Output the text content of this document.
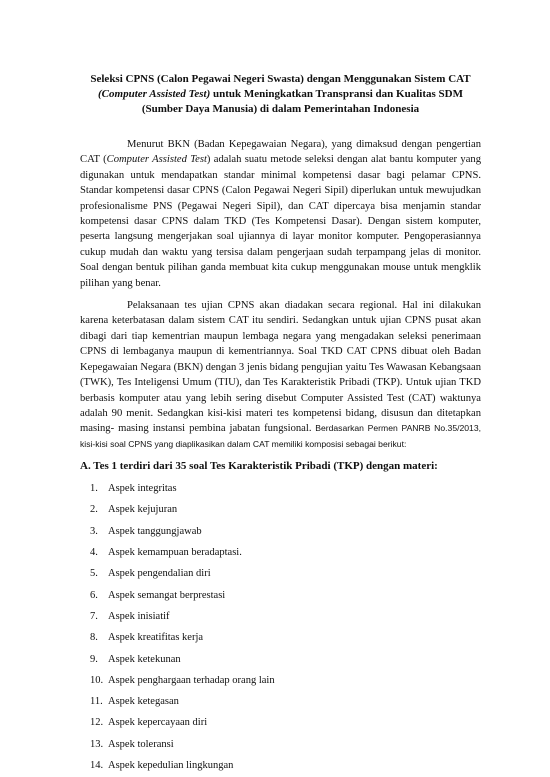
Seleksi CPNS (Calon Pegawai Negeri Swasta) dengan Menggunakan Sistem CAT
(Computer Assisted Test) untuk Meningkatkan Transpransi dan Kualitas SDM (Sumber Daya Manusia) di dalam Pemerintahan Indonesia

Menurut BKN (Badan Kepegawaian Negara), yang dimaksud dengan pengertian CAT (Computer Assisted Test) adalah suatu metode seleksi dengan alat bantu komputer yang digunakan untuk mendapatkan standar minimal kompetensi dasar bagi pelamar CPNS. Standar kompetensi dasar CPNS (Calon Pegawai Negeri Sipil) diperlukan untuk mewujudkan profesionalisme PNS (Pegawai Negeri Sipil), dan CAT dipercaya bisa menjamin standar kompetensi dasar CPNS dalam TKD (Tes Kompetensi Dasar). Dengan sistem komputer, peserta langsung mengerjakan soal ujiannya di layar monitor komputer. Pengoperasiannya cukup mudah dan waktu yang tersisa dalam pengerjaan sudah terpampang jelas di monitor. Soal dengan bentuk pilihan ganda membuat kita cukup menggunakan mouse untuk mengklik pilihan yang benar.

Pelaksanaan tes ujian CPNS akan diadakan secara regional. Hal ini dilakukan karena keterbatasan dalam sistem CAT itu sendiri. Sedangkan untuk ujian CPNS pusat akan dibagi dari tiap kementrian maupun lembaga negara yang mengadakan seleksi penerimaan CPNS di lembaganya maupun di kementriannya. Soal TKD CAT CPNS dibuat oleh Badan Kepegawaian Negara (BKN) dengan 3 jenis bidang pengujian yaitu Tes Wawasan Kebangsaan (TWK), Tes Inteligensi Umum (TIU), dan Tes Karakteristik Pribadi (TKP). Untuk ujian TKD berbasis komputer atau yang lebih sering disebut Computer Assisted Test (CAT) waktunya adalah 90 menit. Sedangkan kisi-kisi materi tes kompetensi bidang, disusun dan ditetapkan masing- masing instansi pembina jabatan fungsional. Berdasarkan Permen PANRB No.35/2013, kisi-kisi soal CPNS yang diaplikasikan dalam CAT memiliki komposisi sebagai berikut:

A. Tes 1 terdiri dari 35 soal Tes Karakteristik Pribadi (TKP) dengan materi:
1. Aspek integritas
2. Aspek kejujuran
3. Aspek tanggungjawab
4. Aspek kemampuan beradaptasi.
5. Aspek pengendalian diri
6. Aspek semangat berprestasi
7. Aspek inisiatif
8. Aspek kreatifitas kerja
9. Aspek ketekunan
10. Aspek penghargaan terhadap orang lain
11. Aspek ketegasan
12. Aspek kepercayaan diri
13. Aspek toleransi
14. Aspek kepedulian lingkungan
